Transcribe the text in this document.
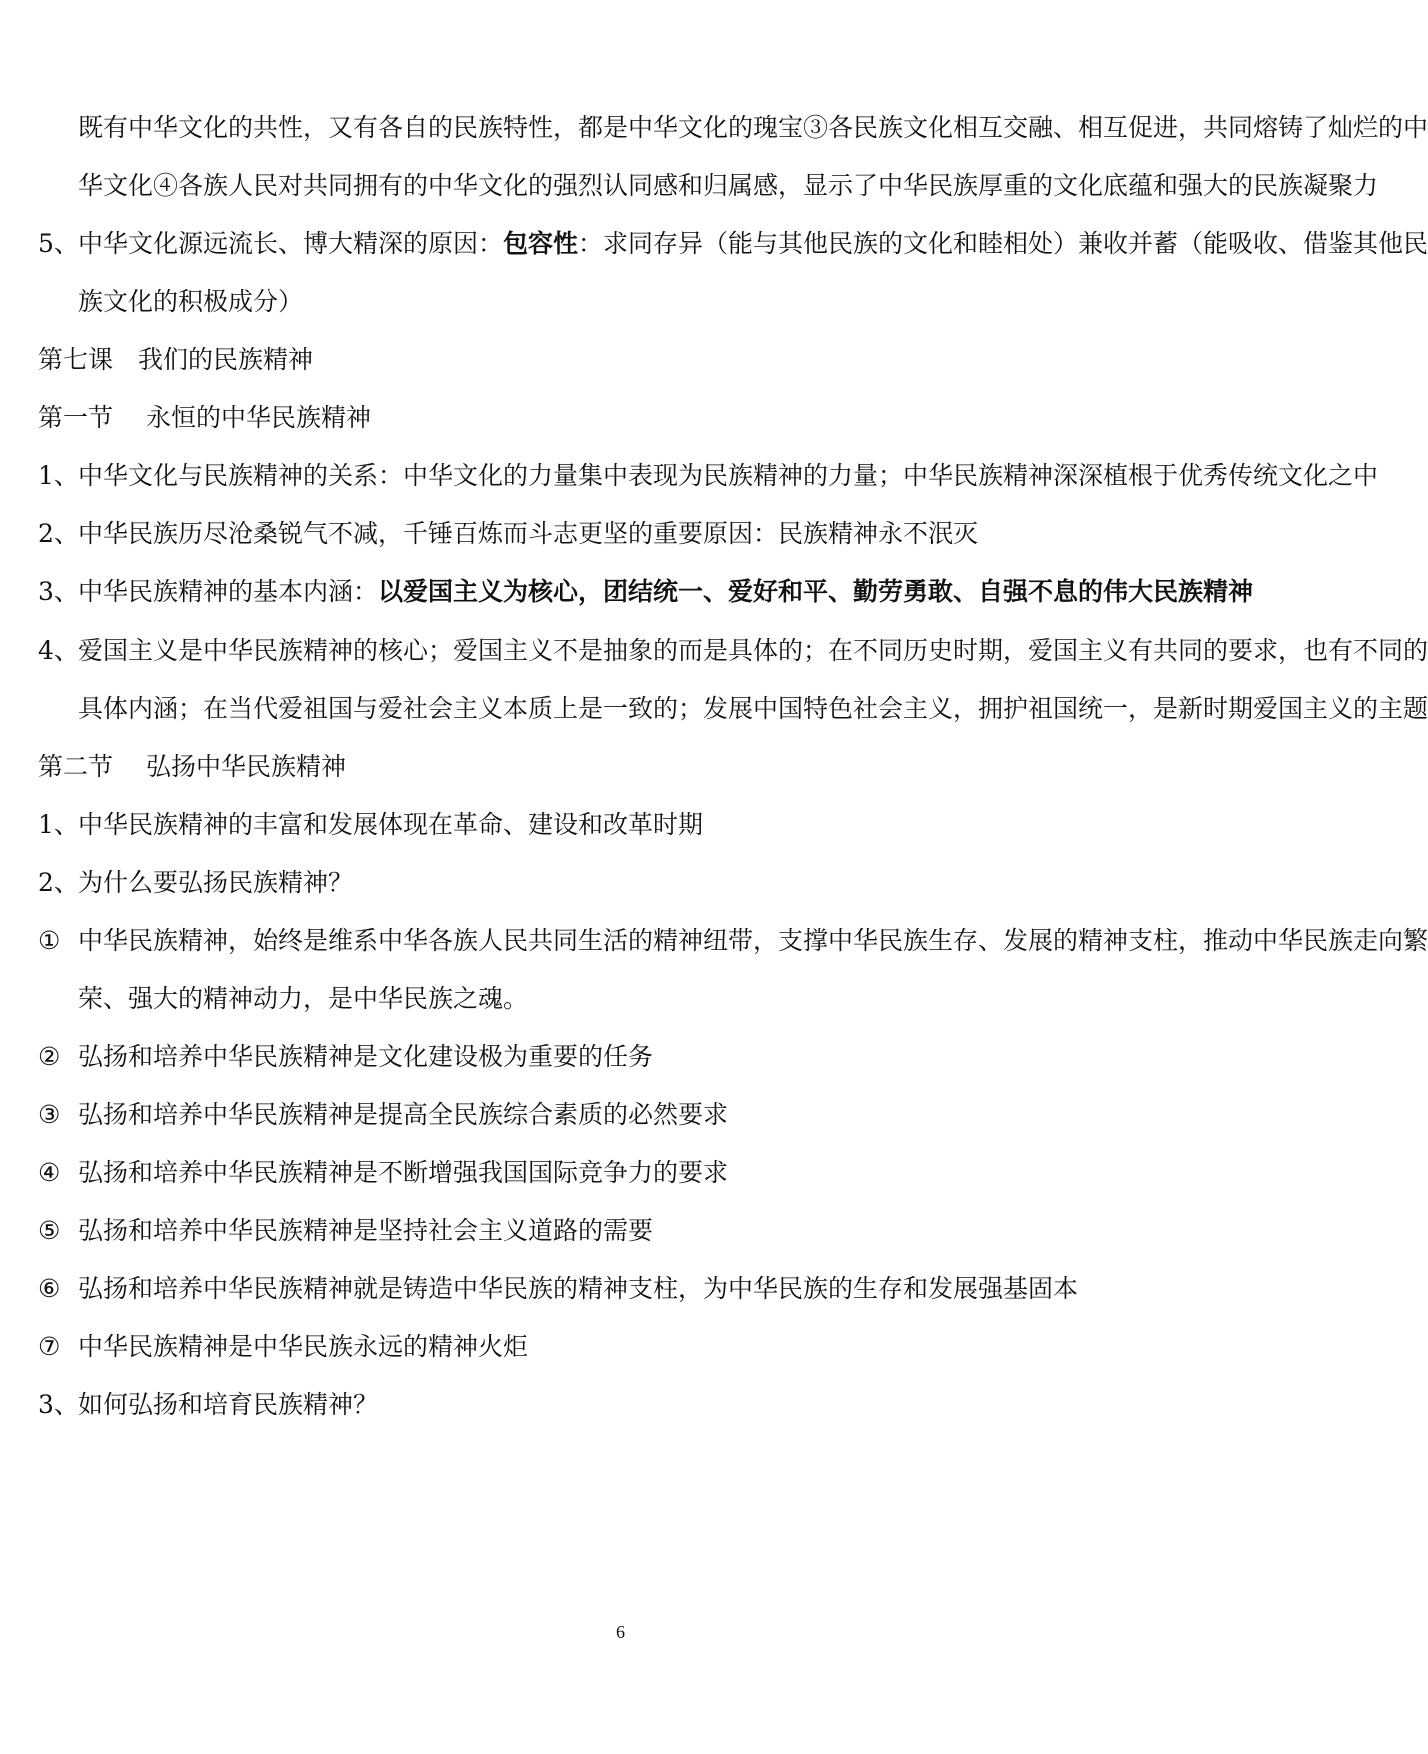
既有中华文化的共性，又有各自的民族特性，都是中华文化的瑰宝③各民族文化相互交融、相互促进，共同熔铸了灿烂的中
华文化④各族人民对共同拥有的中华文化的强烈认同感和归属感，显示了中华民族厚重的文化底蕴和强大的民族凝聚力
5、 中华文化源远流长、博大精深的原因：包容性：求同存异（能与其他民族的文化和睦相处）兼收并蓄（能吸收、借鉴其他民
族文化的积极成分）
第七课　我们的民族精神
第一节　 永恒的中华民族精神
1、 中华文化与民族精神的关系：中华文化的力量集中表现为民族精神的力量；中华民族精神深深植根于优秀传统文化之中
2、 中华民族历尽沧桑锐气不减，千锤百炼而斗志更坚的重要原因：民族精神永不泯灭
3、 中华民族精神的基本内涵：以爱国主义为核心，团结统一、爱好和平、勤劳勇敢、自强不息的伟大民族精神
4、 爱国主义是中华民族精神的核心；爱国主义不是抽象的而是具体的；在不同历史时期，爱国主义有共同的要求，也有不同的
具体内涵；在当代爱祖国与爱社会主义本质上是一致的；发展中国特色社会主义，拥护祖国统一，是新时期爱国主义的主题
第二节　 弘扬中华民族精神
1、 中华民族精神的丰富和发展体现在革命、建设和改革时期
2、 为什么要弘扬民族精神？
① 中华民族精神，始终是维系中华各族人民共同生活的精神纽带，支撑中华民族生存、发展的精神支柱，推动中华民族走向繁
荣、强大的精神动力，是中华民族之魂。
② 弘扬和培养中华民族精神是文化建设极为重要的任务
③ 弘扬和培养中华民族精神是提高全民族综合素质的必然要求
④ 弘扬和培养中华民族精神是不断增强我国国际竞争力的要求
⑤ 弘扬和培养中华民族精神是坚持社会主义道路的需要
⑥ 弘扬和培养中华民族精神就是铸造中华民族的精神支柱，为中华民族的生存和发展强基固本
⑦ 中华民族精神是中华民族永远的精神火炬
3、 如何弘扬和培育民族精神？
6
